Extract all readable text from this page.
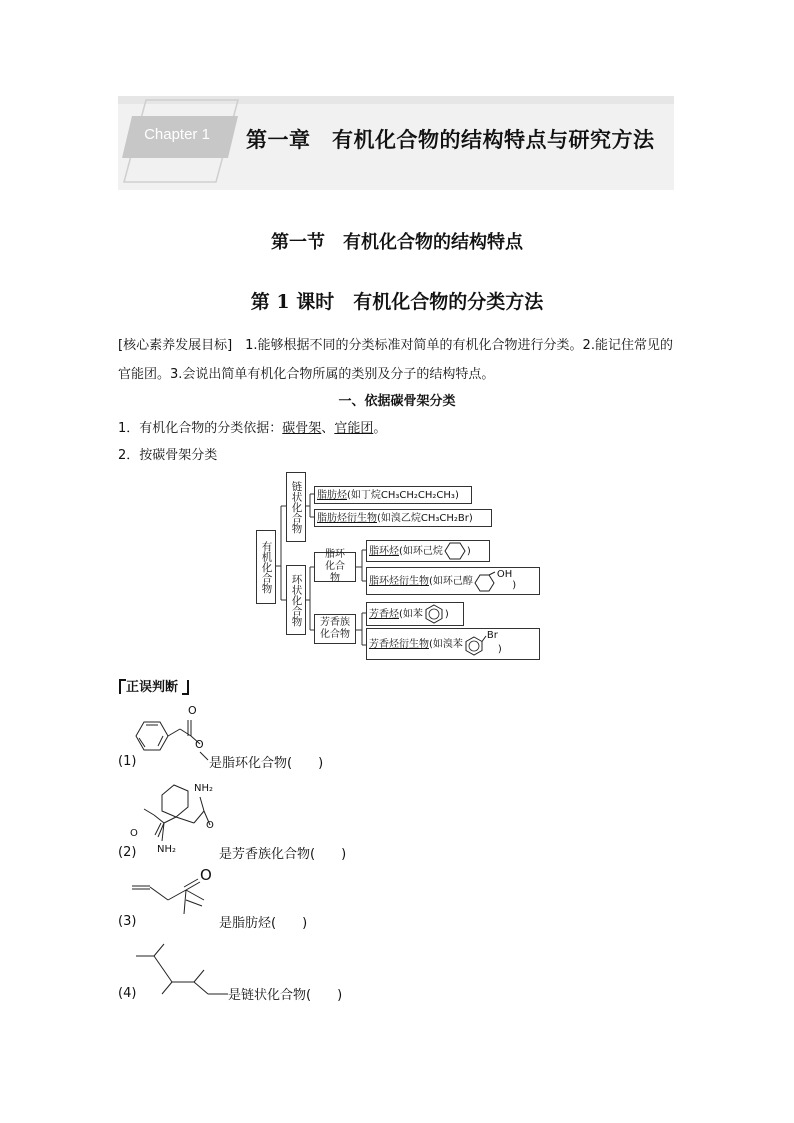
Chapter 1	第一章　有机化合物的结构特点与研究方法
第一节　有机化合物的结构特点
第 1 课时　有机化合物的分类方法
[核心素养发展目标]　1.能够根据不同的分类标准对简单的有机化合物进行分类。2.能记住常见的官能团。3.会说出简单有机化合物所属的类别及分子的结构特点。
一、依据碳骨架分类
1．有机化合物的分类依据：碳骨架、官能团。
2．按碳骨架分类
有机化合物
链状化合物
环状化合物
脂环化合物
芳香族化合物
脂肪烃 (如丁烷CH₃CH₂CH₂CH₃)
脂肪烃衍生物 (如溴乙烷CH₃CH₂Br)
脂环烃 (如环己烷 )
脂环烃衍生物 (如环己醇
OH
)
芳香烃 (如苯 )
芳香烃衍生物 (如溴苯
Br
)
正误判断
O
O
(1)	是脂环化合物(　　)
NH₂
O
O
NH₂
(2)	是芳香族化合物(　　)
O
(3)	是脂肪烃(　　)
(4)	是链状化合物(　　)
